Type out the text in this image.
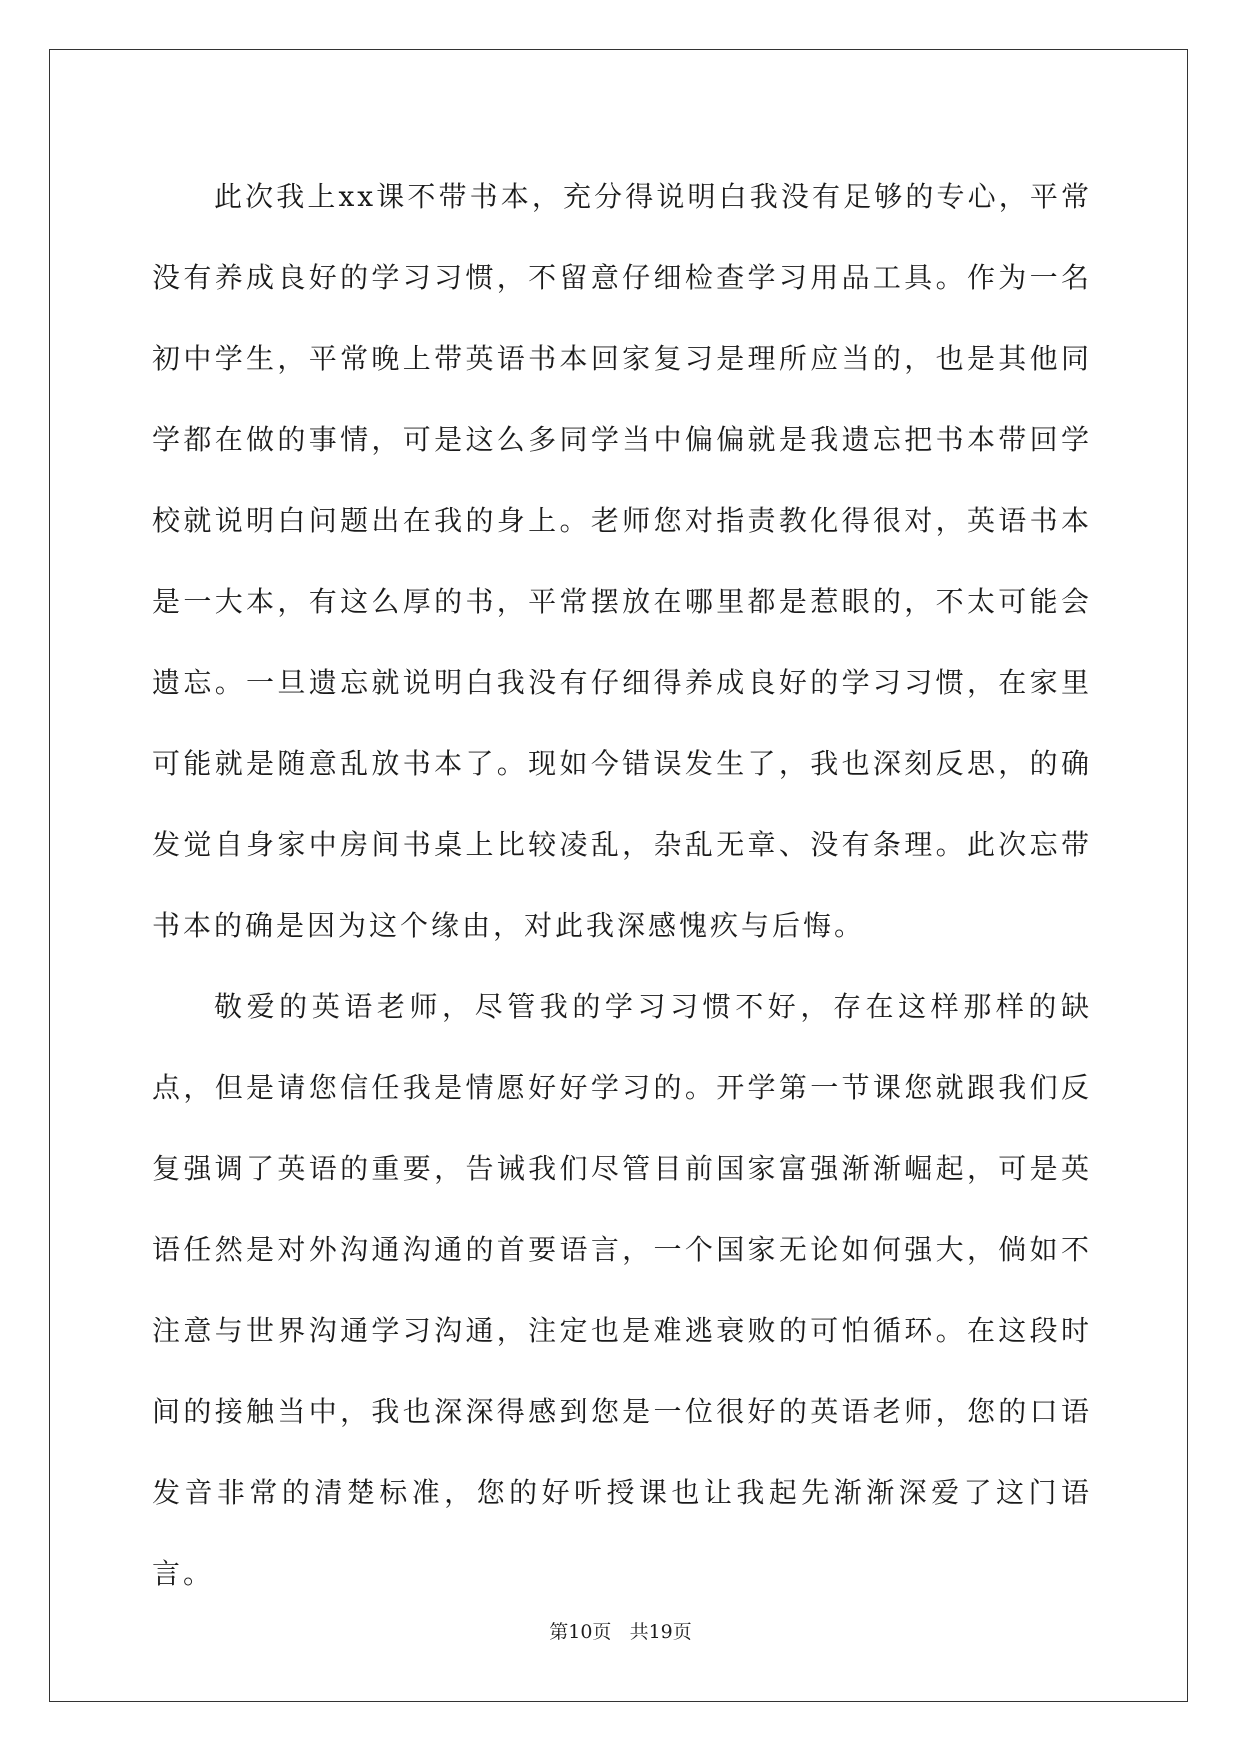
此次我上xx课不带书本，充分得说明白我没有足够的专心，平常没有养成良好的学习习惯，不留意仔细检查学习用品工具。作为一名初中学生，平常晚上带英语书本回家复习是理所应当的，也是其他同学都在做的事情，可是这么多同学当中偏偏就是我遗忘把书本带回学校就说明白问题出在我的身上。老师您对指责教化得很对，英语书本是一大本，有这么厚的书，平常摆放在哪里都是惹眼的，不太可能会遗忘。一旦遗忘就说明白我没有仔细得养成良好的学习习惯，在家里可能就是随意乱放书本了。现如今错误发生了，我也深刻反思，的确发觉自身家中房间书桌上比较凌乱，杂乱无章、没有条理。此次忘带书本的确是因为这个缘由，对此我深感愧疚与后悔。

敬爱的英语老师，尽管我的学习习惯不好，存在这样那样的缺点，但是请您信任我是情愿好好学习的。开学第一节课您就跟我们反复强调了英语的重要，告诫我们尽管目前国家富强渐渐崛起，可是英语任然是对外沟通沟通的首要语言，一个国家无论如何强大，倘如不注意与世界沟通学习沟通，注定也是难逃衰败的可怕循环。在这段时间的接触当中，我也深深得感到您是一位很好的英语老师，您的口语发音非常的清楚标准，您的好听授课也让我起先渐渐深爱了这门语言。

第10页 共19页
